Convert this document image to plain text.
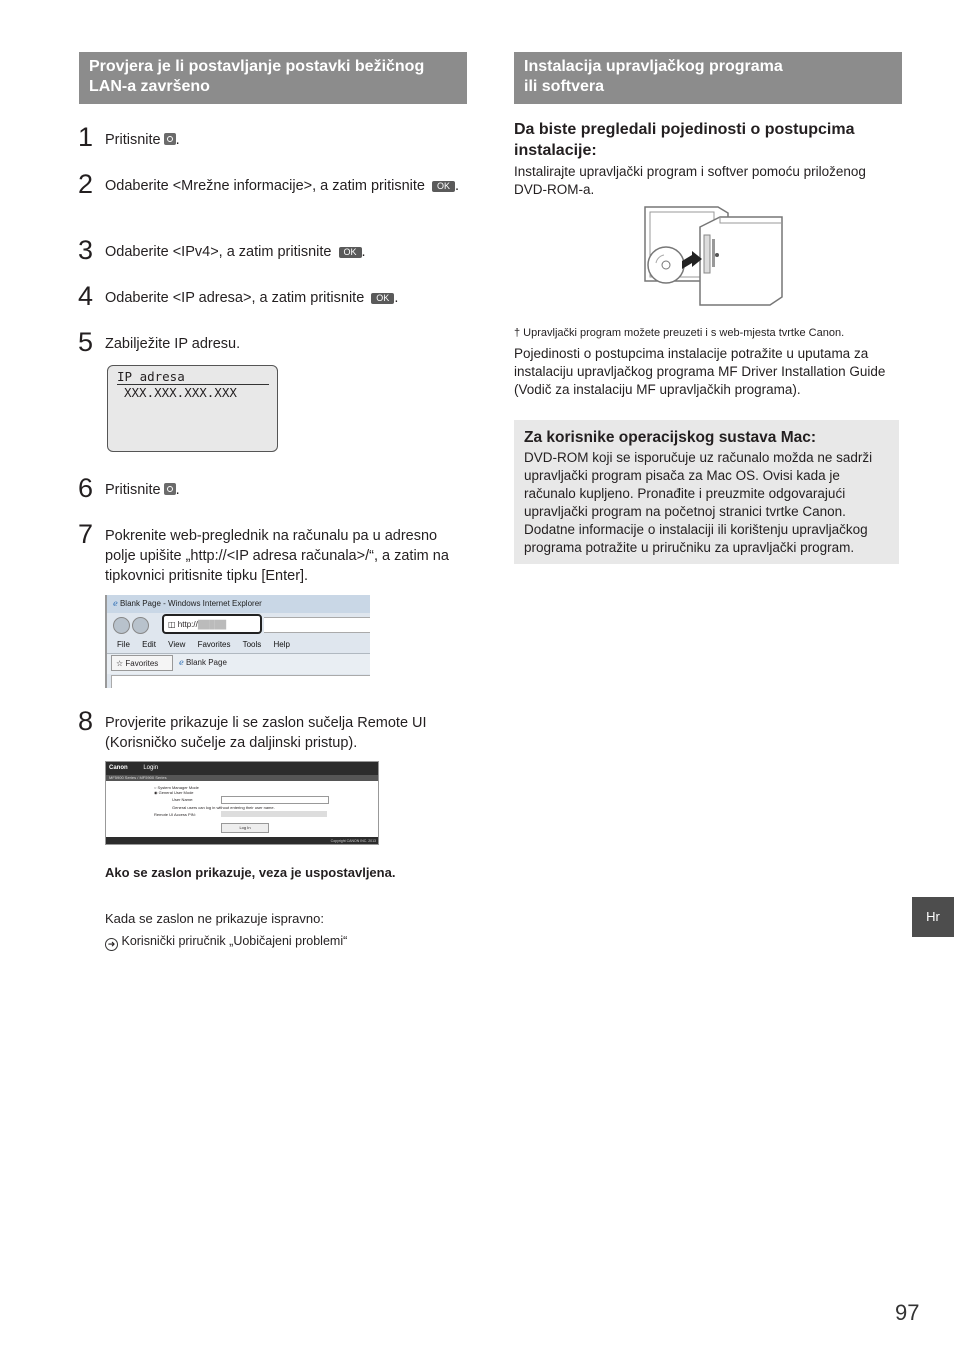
Provjera je li postavljanje postavki bežičnog LAN-a završeno
1 Pritisnite .
2 Odaberite <Mrežne informacije>, a zatim pritisnite OK .
3 Odaberite <IPv4>, a zatim pritisnite OK .
4 Odaberite <IP adresa>, a zatim pritisnite OK .
5 Zabilježite IP adresu.
IP adresa
XXX.XXX.XXX.XXX
6 Pritisnite .
7 Pokrenite web-preglednik na računalu pa u adresno polje upišite „http://<IP adresa računala>/“, a zatim na tipkovnici pritisnite tipku [Enter].
ℯ Blank Page - Windows Internet Explorer
◫ http://█████
File Edit View Favorites Tools Help
☆ Favorites	ℯ Blank Page
8 Provjerite prikazuje li se zaslon sučelja Remote UI (Korisničko sučelje za daljinski pristup).
Canon	Login
MF5900 Series / MF5900 Series
○ System Manager Mode
◉ General User Mode
User Name:
General users can log in without entering their user name.
Remote UI Access PIN:
Log In
Copyright CANON INC. 2013
Ako se zaslon prikazuje, veza je uspostavljena.
Kada se zaslon ne prikazuje ispravno:
➜ Korisnički priručnik „Uobičajeni problemi“
Instalacija upravljačkog programa
ili softvera
Da biste pregledali pojedinosti o postupcima instalacije:
Instalirajte upravljački program i softver pomoću priloženog DVD-ROM-a.
† Upravljački program možete preuzeti i s web-mjesta tvrtke Canon.
Pojedinosti o postupcima instalacije potražite u uputama za instalaciju upravljačkog programa MF Driver Installation Guide (Vodič za instalaciju MF upravljačkih programa).
Za korisnike operacijskog sustava Mac:
DVD-ROM koji se isporučuje uz računalo možda ne sadrži upravljački program pisača za Mac OS. Ovisi kada je računalo kupljeno. Pronađite i preuzmite odgovarajući upravljački program na početnoj stranici tvrtke Canon. Dodatne informacije o instalaciji ili korištenju upravljačkog programa potražite u priručniku za upravljački program.
Hr
97
